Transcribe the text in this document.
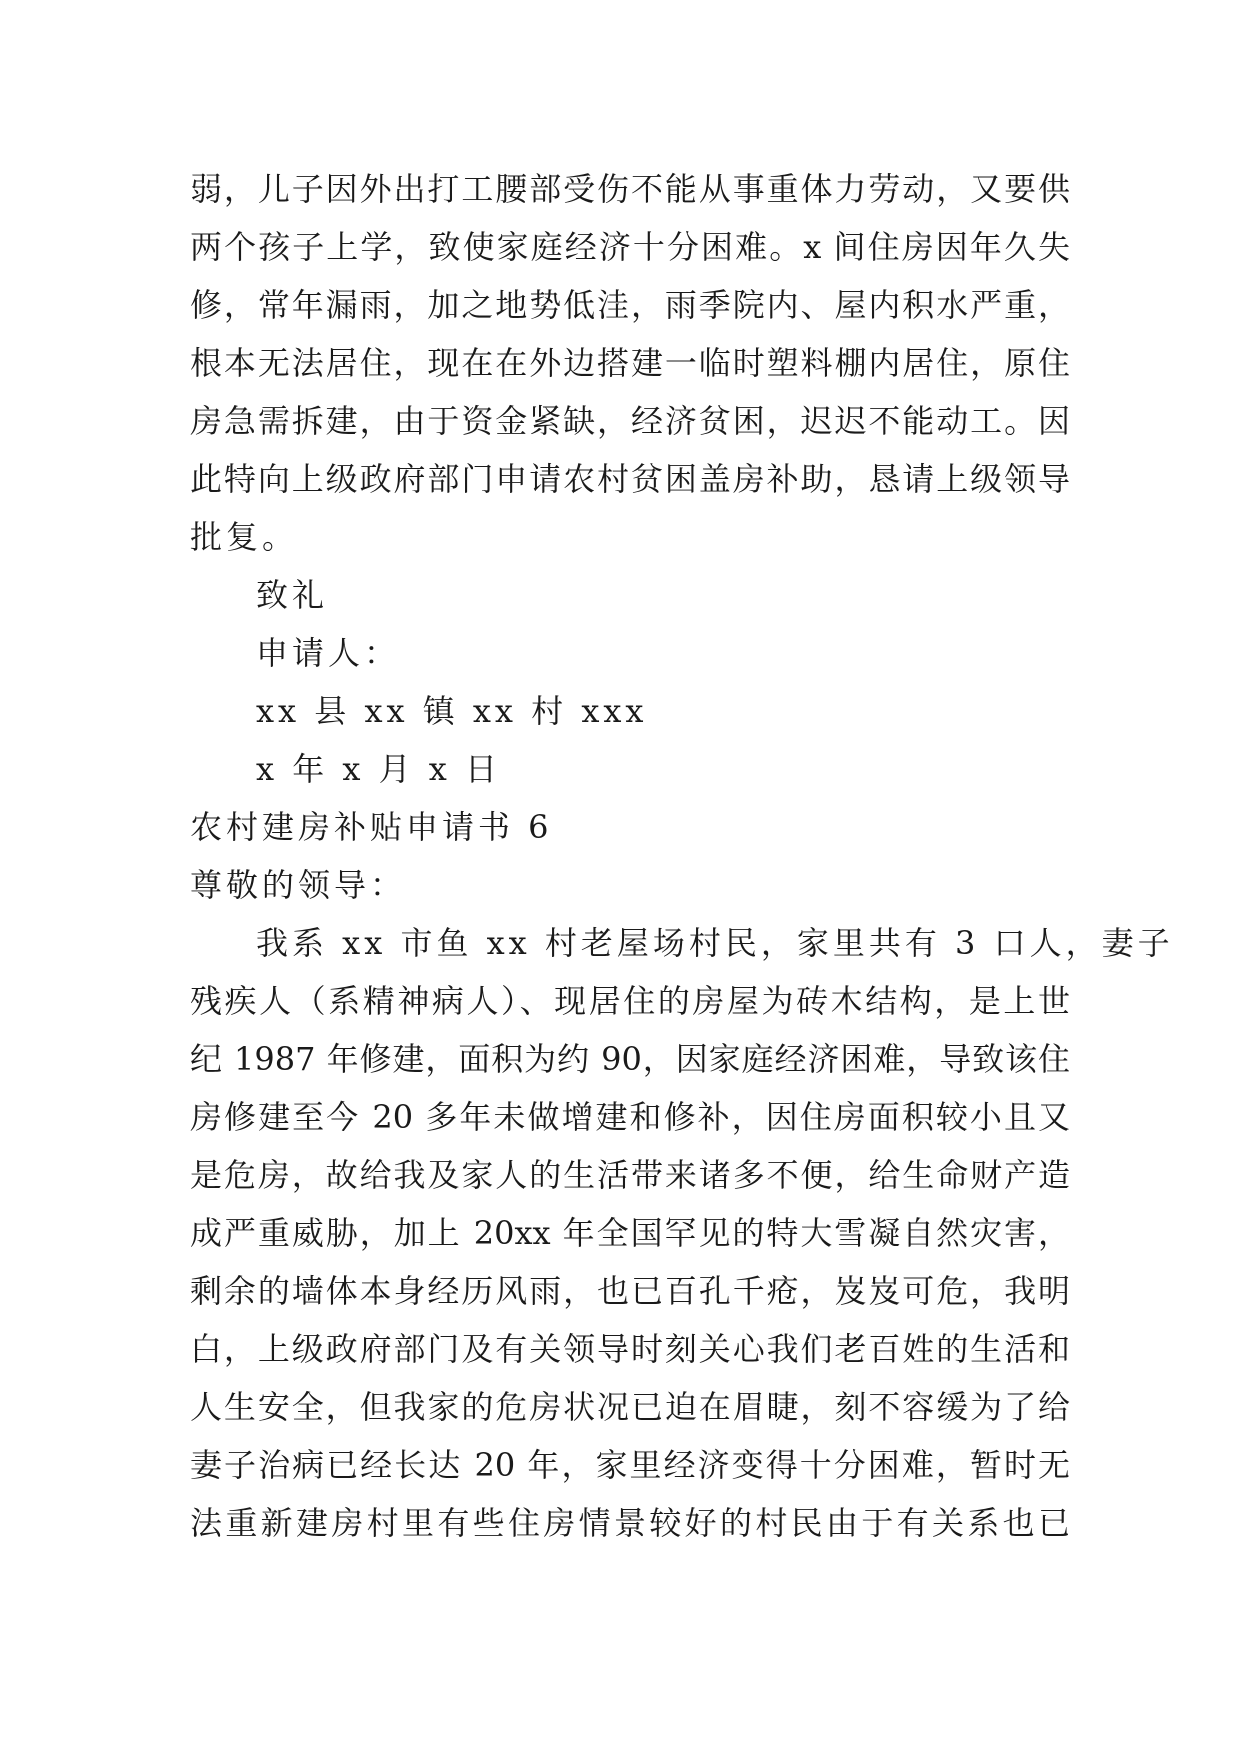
弱，儿子因外出打工腰部受伤不能从事重体力劳动，又要供
两个孩子上学，致使家庭经济十分困难。x 间住房因年久失
修，常年漏雨，加之地势低洼，雨季院内、屋内积水严重，
根本无法居住，现在在外边搭建一临时塑料棚内居住，原住
房急需拆建，由于资金紧缺，经济贫困，迟迟不能动工。因
此特向上级政府部门申请农村贫困盖房补助，恳请上级领导
批复。
致礼
申请人：
xx 县 xx 镇 xx 村 xxx
x 年 x 月 x 日
农村建房补贴申请书 6
尊敬的领导：
我系 xx 市鱼 xx 村老屋场村民，家里共有 3 口人，妻子
残疾人（系精神病人）、现居住的房屋为砖木结构，是上世
纪 1987 年修建，面积为约 90，因家庭经济困难，导致该住
房修建至今 20 多年未做增建和修补，因住房面积较小且又
是危房，故给我及家人的生活带来诸多不便，给生命财产造
成严重威胁，加上 20xx 年全国罕见的特大雪凝自然灾害，
剩余的墙体本身经历风雨，也已百孔千疮，岌岌可危，我明
白，上级政府部门及有关领导时刻关心我们老百姓的生活和
人生安全，但我家的危房状况已迫在眉睫，刻不容缓为了给
妻子治病已经长达 20 年，家里经济变得十分困难，暂时无
法重新建房村里有些住房情景较好的村民由于有关系也已
